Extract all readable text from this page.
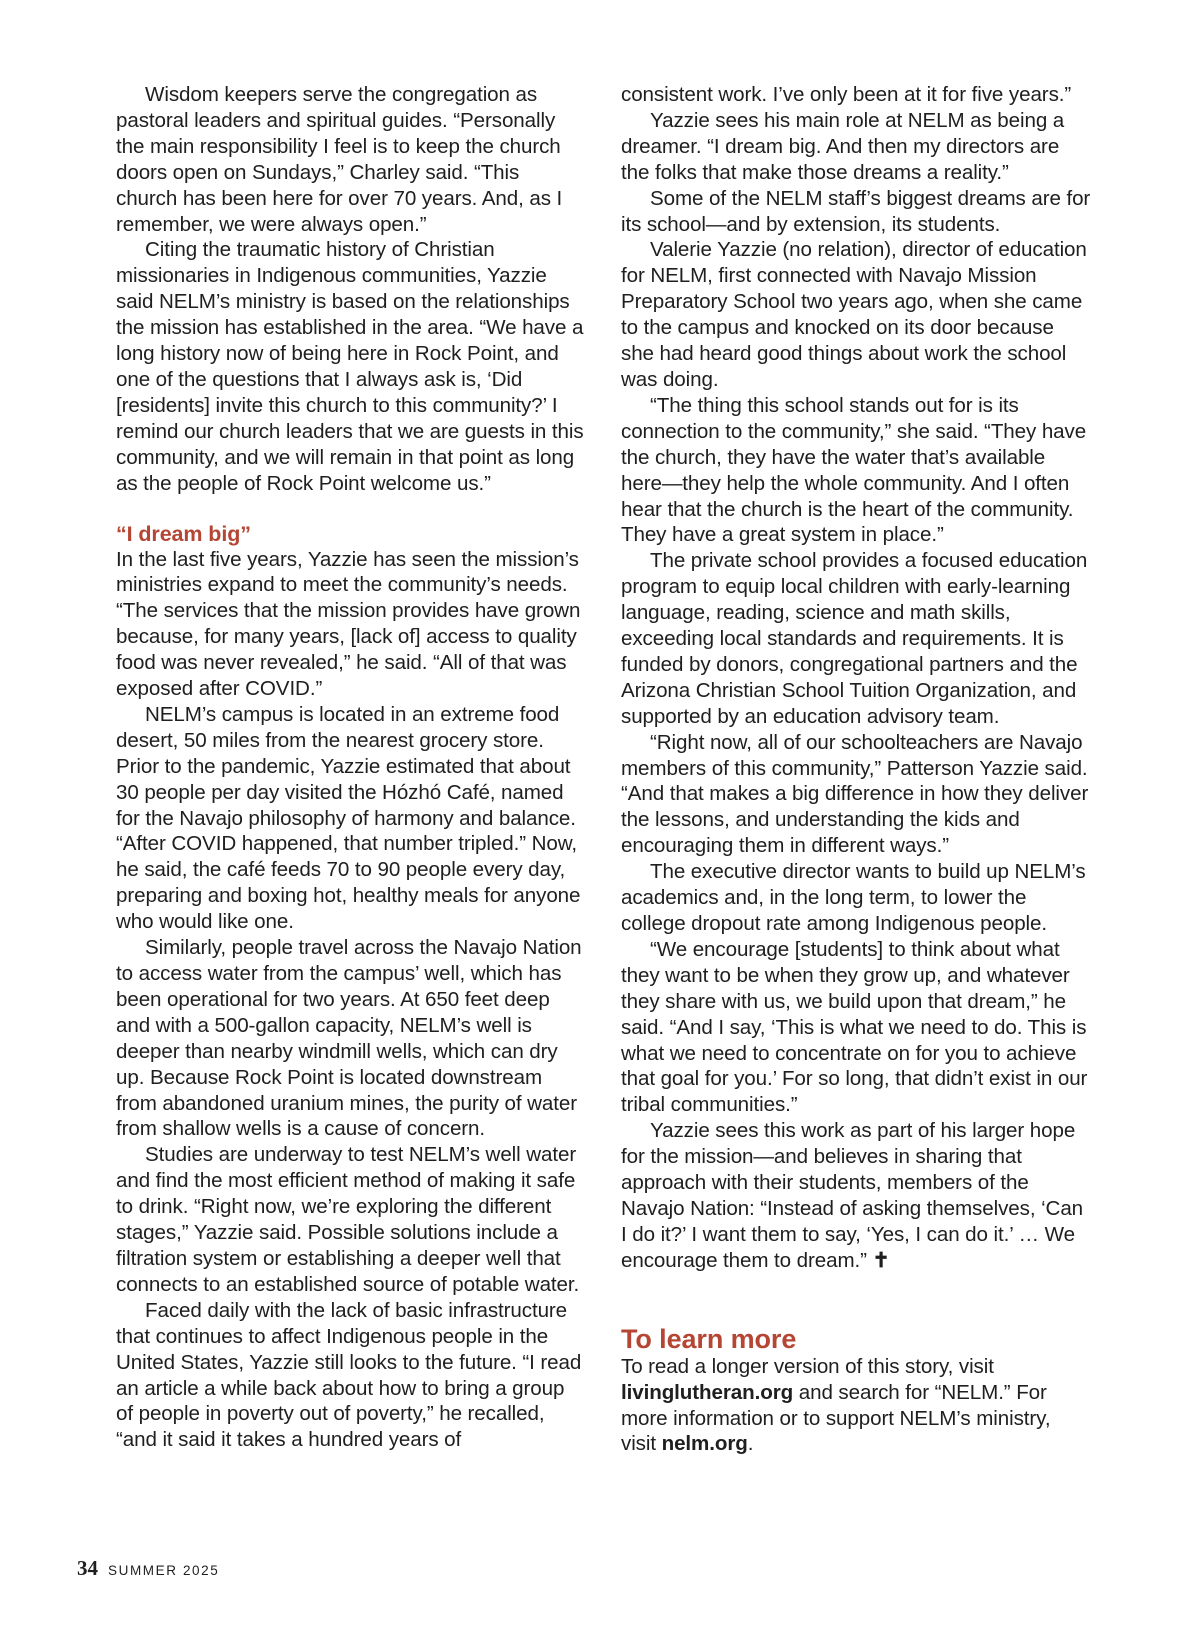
Wisdom keepers serve the congregation as pastoral leaders and spiritual guides. “Personally the main responsibility I feel is to keep the church doors open on Sundays,” Charley said. “This church has been here for over 70 years. And, as I remember, we were always open.”

Citing the traumatic history of Christian missionaries in Indigenous communities, Yazzie said NELM’s ministry is based on the relationships the mission has established in the area. “We have a long history now of being here in Rock Point, and one of the questions that I always ask is, ‘Did [residents] invite this church to this community?’ I remind our church leaders that we are guests in this community, and we will remain in that point as long as the people of Rock Point welcome us.”

“I dream big”

In the last five years, Yazzie has seen the mission’s ministries expand to meet the community’s needs. “The services that the mission provides have grown because, for many years, [lack of] access to quality food was never revealed,” he said. “All of that was exposed after COVID.”

NELM’s campus is located in an extreme food desert, 50 miles from the nearest grocery store. Prior to the pandemic, Yazzie estimated that about 30 people per day visited the Hózhó Café, named for the Navajo philosophy of harmony and balance. “After COVID happened, that number tripled.” Now, he said, the café feeds 70 to 90 people every day, preparing and boxing hot, healthy meals for anyone who would like one.

Similarly, people travel across the Navajo Nation to access water from the campus’ well, which has been operational for two years. At 650 feet deep and with a 500-gallon capacity, NELM’s well is deeper than nearby windmill wells, which can dry up. Because Rock Point is located downstream from abandoned uranium mines, the purity of water from shallow wells is a cause of concern.

Studies are underway to test NELM’s well water and find the most efficient method of making it safe to drink. “Right now, we’re exploring the different stages,” Yazzie said. Possible solutions include a filtration system or establishing a deeper well that connects to an established source of potable water.

Faced daily with the lack of basic infrastructure that continues to affect Indigenous people in the United States, Yazzie still looks to the future. “I read an article a while back about how to bring a group of people in poverty out of poverty,” he recalled, “and it said it takes a hundred years of

consistent work. I’ve only been at it for five years.”

Yazzie sees his main role at NELM as being a dreamer. “I dream big. And then my directors are the folks that make those dreams a reality.”

Some of the NELM staff’s biggest dreams are for its school—and by extension, its students.

Valerie Yazzie (no relation), director of education for NELM, first connected with Navajo Mission Preparatory School two years ago, when she came to the campus and knocked on its door because she had heard good things about work the school was doing.

“The thing this school stands out for is its connection to the community,” she said. “They have the church, they have the water that’s available here—they help the whole community. And I often hear that the church is the heart of the community. They have a great system in place.”

The private school provides a focused education program to equip local children with early-learning language, reading, science and math skills, exceeding local standards and requirements. It is funded by donors, congregational partners and the Arizona Christian School Tuition Organization, and supported by an education advisory team.

“Right now, all of our schoolteachers are Navajo members of this community,” Patterson Yazzie said. “And that makes a big difference in how they deliver the lessons, and understanding the kids and encouraging them in different ways.”

The executive director wants to build up NELM’s academics and, in the long term, to lower the college dropout rate among Indigenous people.

“We encourage [students] to think about what they want to be when they grow up, and whatever they share with us, we build upon that dream,” he said. “And I say, ‘This is what we need to do. This is what we need to concentrate on for you to achieve that goal for you.’ For so long, that didn’t exist in our tribal communities.”

Yazzie sees this work as part of his larger hope for the mission—and believes in sharing that approach with their students, members of the Navajo Nation: “Instead of asking themselves, ‘Can I do it?’ I want them to say, ‘Yes, I can do it.’ … We encourage them to dream.” ✝

To learn more

To read a longer version of this story, visit livinglutheran.org and search for “NELM.” For more information or to support NELM’s ministry, visit nelm.org.

34 SUMMER 2025
